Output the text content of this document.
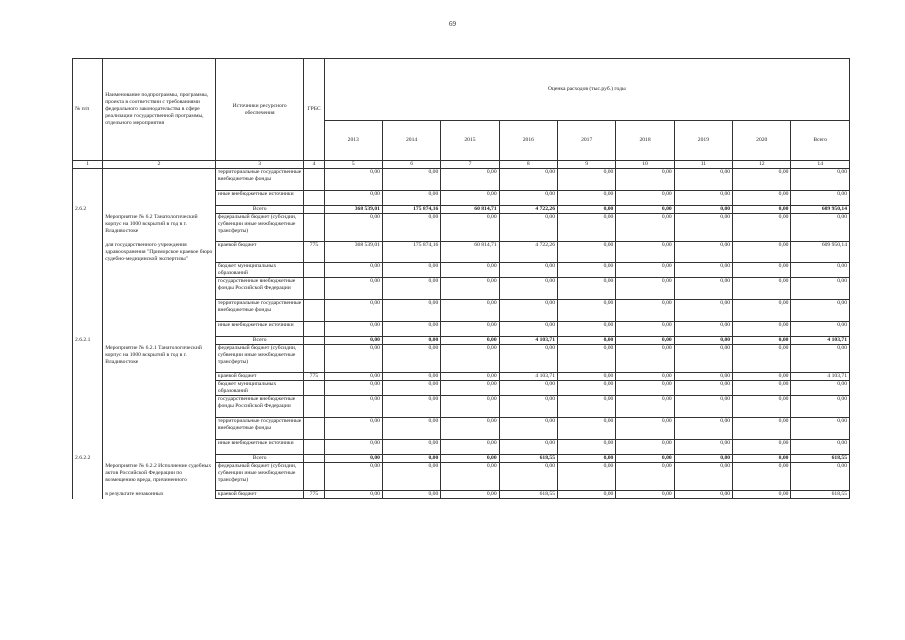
69
№ п/п	Наименование подпрограммы, программы, проекта в соответствии с требованиями федерального законодательства в сфере реализации государственной программы, отдельного мероприятия	Источники ресурсного обеспечения	ГРБС	Оценка расходов (тыс.руб.) годы								
				2013	2014	2015	2016	2017	2018	2019	2020	Всего
1	2	3	4	5	6	7	8	9	10	11	12	14
		территориальные государственные внебюджетные фонды		0,00	0,00	0,00	0,00	0,00	0,00	0,00	0,00	0,00
		иные внебюджетные источники		0,00	0,00	0,00	0,00	0,00	0,00	0,00	0,00	0,00
2.6.2		Всего		368 539,01	175 874,16	60 814,71	4 722,26	0,00	0,00	0,00	0,00	609 950,14
	Мероприятие № 6.2 Танатологический корпус на 1000 вскрытий в год в г. Владивостоке	федеральный бюджет (субсидии, субвенции иные межбюджетные трансферты)		0,00	0,00	0,00	0,00	0,00	0,00	0,00	0,00	0,00
	для государственного учреждения здравоохранения "Приморское краевое бюро судебно-медицинской экспертизы"	краевой бюджет	775	368 539,01	175 874,16	60 814,71	4 722,26	0,00	0,00	0,00	0,00	609 950,14
		бюджет муниципальных образований		0,00	0,00	0,00	0,00	0,00	0,00	0,00	0,00	0,00
		государственные внебюджетные фонды Российской Федерации		0,00	0,00	0,00	0,00	0,00	0,00	0,00	0,00	0,00
		территориальные государственные внебюджетные фонды		0,00	0,00	0,00	0,00	0,00	0,00	0,00	0,00	0,00
		иные внебюджетные источники		0,00	0,00	0,00	0,00	0,00	0,00	0,00	0,00	0,00
2.6.2.1		Всего		0,00	0,00	0,00	4 103,71	0,00	0,00	0,00	0,00	4 103,71
	Мероприятие № 6.2.1 Танатологический корпус на 1000 вскрытий в год в г. Владивостоке	федеральный бюджет (субсидии, субвенции иные межбюджетные трансферты)		0,00	0,00	0,00	0,00	0,00	0,00	0,00	0,00	0,00
		краевой бюджет	775	0,00	0,00	0,00	4 103,71	0,00	0,00	0,00	0,00	4 103,71
		бюджет муниципальных образований		0,00	0,00	0,00	0,00	0,00	0,00	0,00	0,00	0,00
		государственные внебюджетные фонды Российской Федерации		0,00	0,00	0,00	0,00	0,00	0,00	0,00	0,00	0,00
		территориальные государственные внебюджетные фонды		0,00	0,00	0,00	0,00	0,00	0,00	0,00	0,00	0,00
		иные внебюджетные источники		0,00	0,00	0,00	0,00	0,00	0,00	0,00	0,00	0,00
2.6.2.2		Всего		0,00	0,00	0,00	618,55	0,00	0,00	0,00	0,00	618,55
	Мероприятие № 6.2.2 Исполнение судебных актов Российской Федерации по возмещению вреда, причиненного	федеральный бюджет (субсидии, субвенции иные межбюджетные трансферты)		0,00	0,00	0,00	0,00	0,00	0,00	0,00	0,00	0,00
	в результате незаконных	краевой бюджет	775	0,00	0,00	0,00	618,55	0,00	0,00	0,00	0,00	618,55
